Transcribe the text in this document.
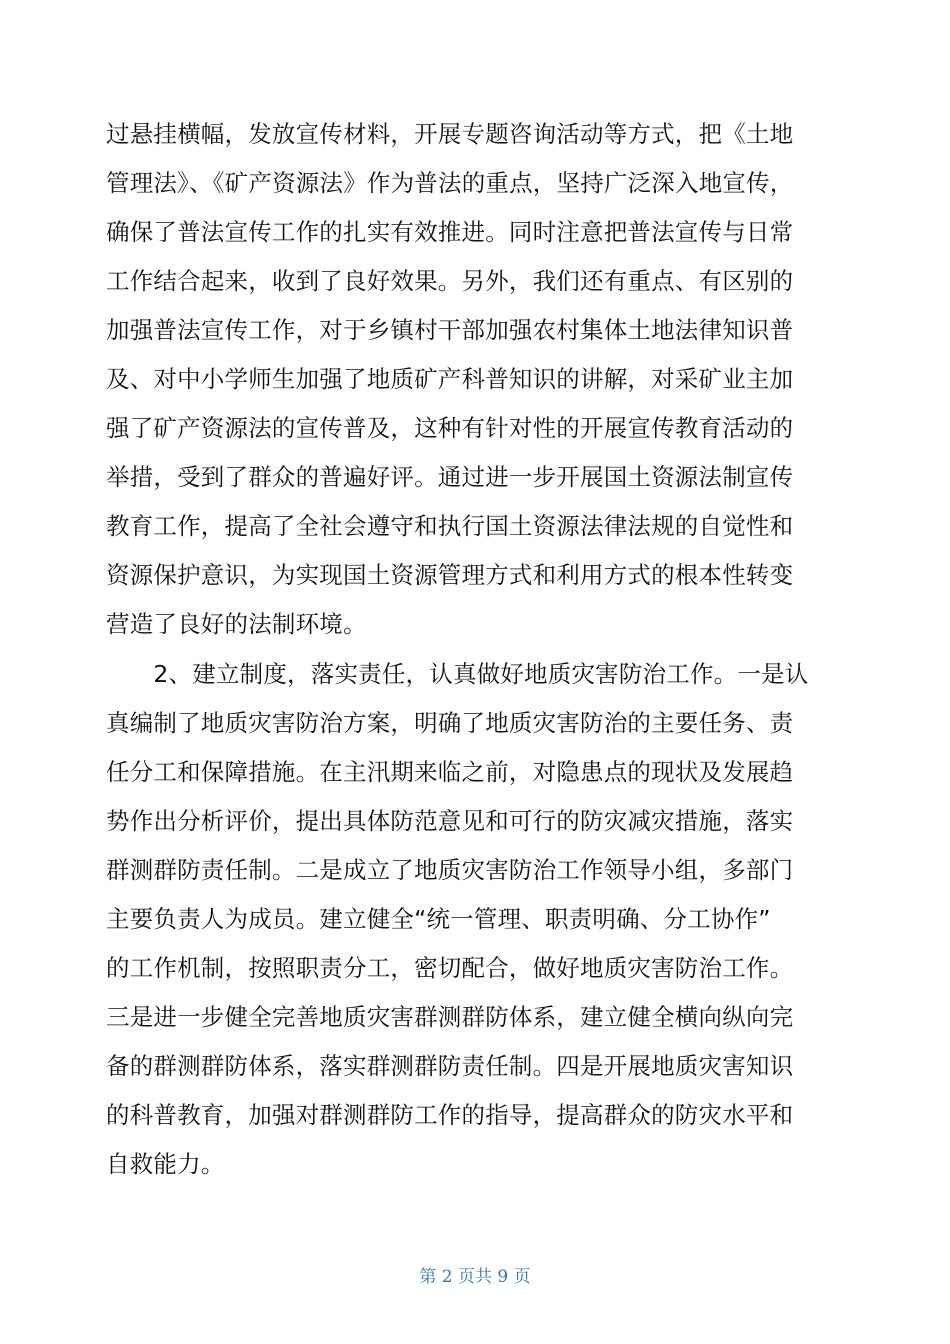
过悬挂横幅，发放宣传材料，开展专题咨询活动等方式，把《土地
管理法》、《矿产资源法》作为普法的重点，坚持广泛深入地宣传，
确保了普法宣传工作的扎实有效推进。同时注意把普法宣传与日常
工作结合起来，收到了良好效果。另外，我们还有重点、有区别的
加强普法宣传工作，对于乡镇村干部加强农村集体土地法律知识普
及、对中小学师生加强了地质矿产科普知识的讲解，对采矿业主加
强了矿产资源法的宣传普及，这种有针对性的开展宣传教育活动的
举措，受到了群众的普遍好评。通过进一步开展国土资源法制宣传
教育工作，提高了全社会遵守和执行国土资源法律法规的自觉性和
资源保护意识，为实现国土资源管理方式和利用方式的根本性转变
营造了良好的法制环境。
　　2、建立制度，落实责任，认真做好地质灾害防治工作。一是认
真编制了地质灾害防治方案，明确了地质灾害防治的主要任务、责
任分工和保障措施。在主汛期来临之前，对隐患点的现状及发展趋
势作出分析评价，提出具体防范意见和可行的防灾减灾措施，落实
群测群防责任制。二是成立了地质灾害防治工作领导小组，多部门
主要负责人为成员。建立健全“统一管理、职责明确、分工协作”
的工作机制，按照职责分工，密切配合，做好地质灾害防治工作。
三是进一步健全完善地质灾害群测群防体系，建立健全横向纵向完
备的群测群防体系，落实群测群防责任制。四是开展地质灾害知识
的科普教育，加强对群测群防工作的指导，提高群众的防灾水平和
自救能力。
第 2 页共 9 页
